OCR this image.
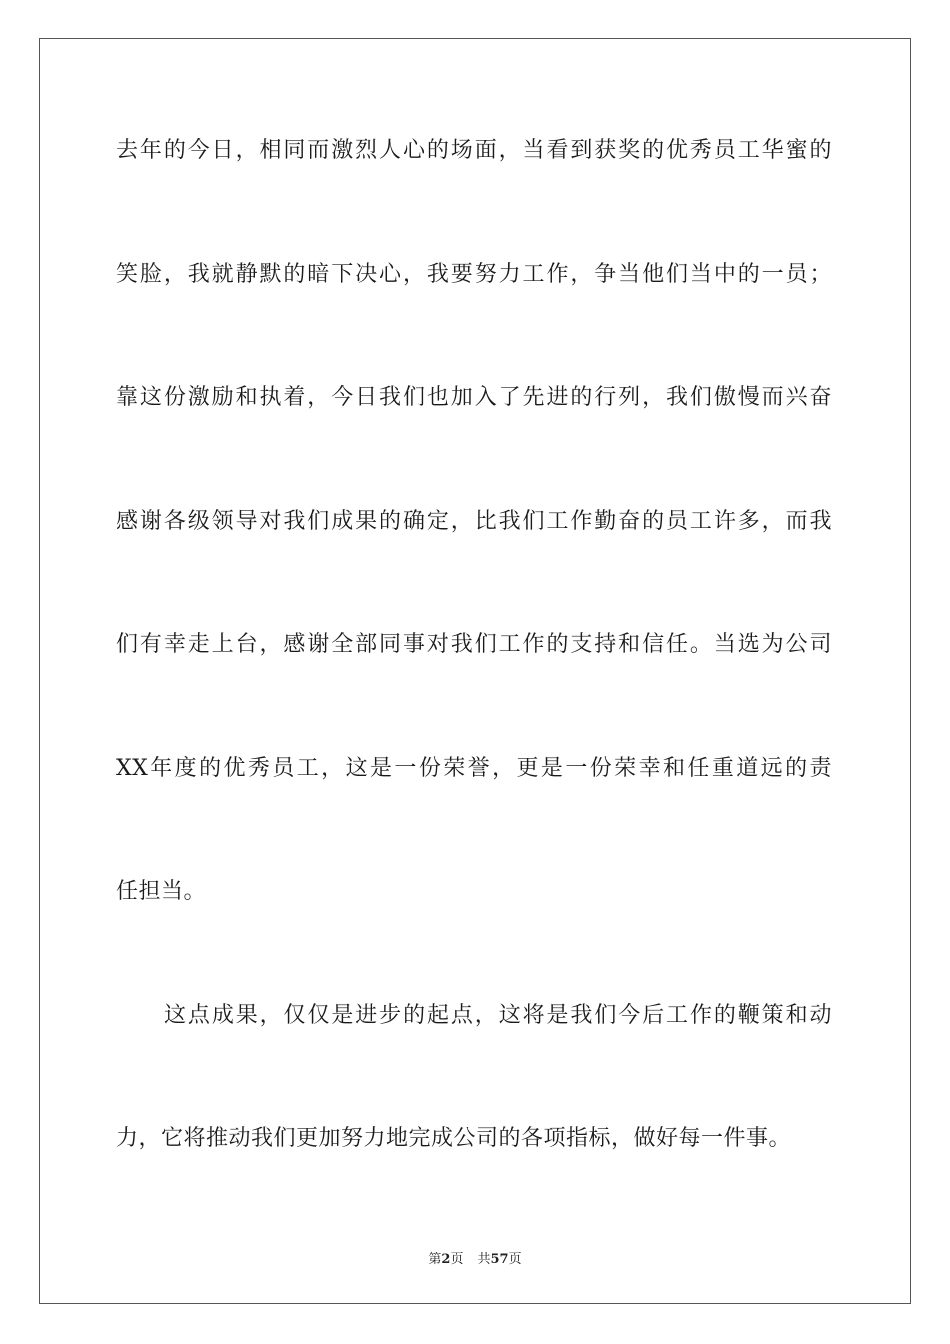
去年的今日，相同而激烈人心的场面，当看到获奖的优秀员工华蜜的
笑脸，我就静默的暗下决心，我要努力工作，争当他们当中的一员；
靠这份激励和执着，今日我们也加入了先进的行列，我们傲慢而兴奋
感谢各级领导对我们成果的确定，比我们工作勤奋的员工许多，而我
们有幸走上台，感谢全部同事对我们工作的支持和信任。当选为公司
XX年度的优秀员工，这是一份荣誉，更是一份荣幸和任重道远的责
任担当。
这点成果，仅仅是进步的起点，这将是我们今后工作的鞭策和动
力，它将推动我们更加努力地完成公司的各项指标，做好每一件事。
第2页 共57页
